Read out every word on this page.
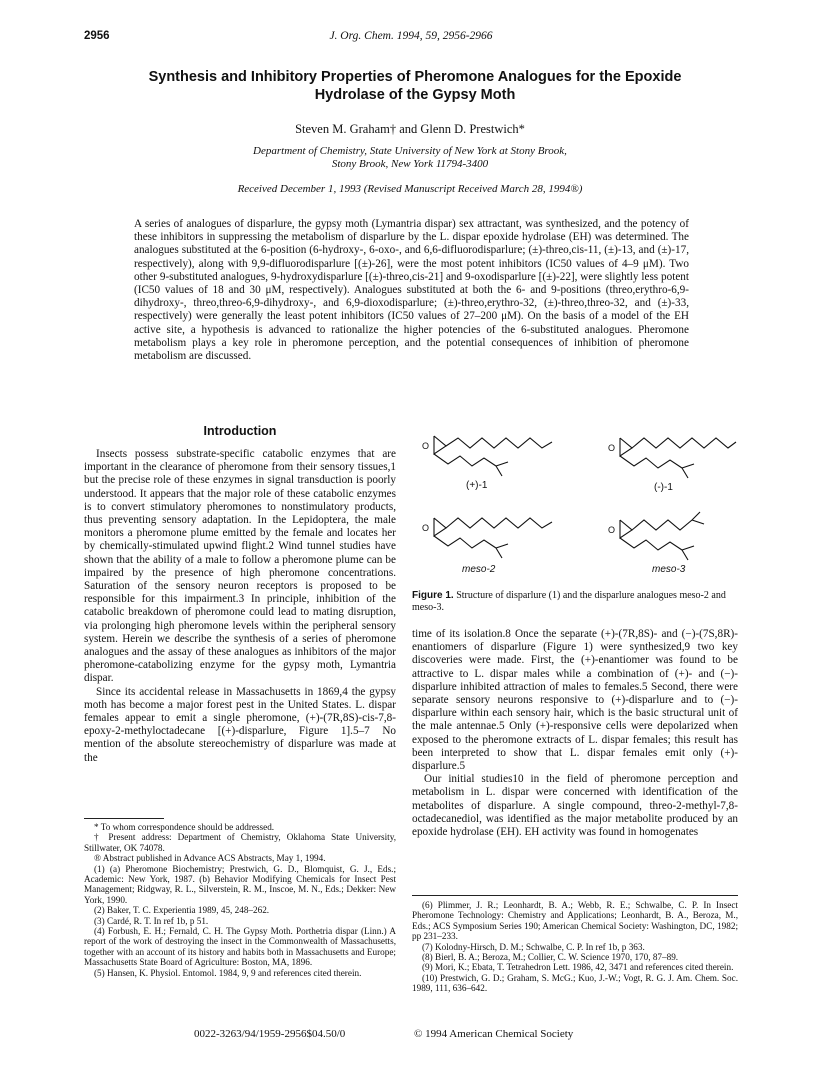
2956	J. Org. Chem. 1994, 59, 2956-2966
Synthesis and Inhibitory Properties of Pheromone Analogues for the Epoxide Hydrolase of the Gypsy Moth
Steven M. Graham† and Glenn D. Prestwich*
Department of Chemistry, State University of New York at Stony Brook,
Stony Brook, New York 11794-3400
Received December 1, 1993 (Revised Manuscript Received March 28, 1994®)
A series of analogues of disparlure, the gypsy moth (Lymantria dispar) sex attractant, was synthesized, and the potency of these inhibitors in suppressing the metabolism of disparlure by the L. dispar epoxide hydrolase (EH) was determined. The analogues substituted at the 6-position (6-hydroxy-, 6-oxo-, and 6,6-difluorodisparlure; (±)-threo,cis-11, (±)-13, and (±)-17, respectively), along with 9,9-difluorodisparlure [(±)-26], were the most potent inhibitors (IC50 values of 4–9 μM). Two other 9-substituted analogues, 9-hydroxydisparlure [(±)-threo,cis-21] and 9-oxodisparlure [(±)-22], were slightly less potent (IC50 values of 18 and 30 μM, respectively). Analogues substituted at both the 6- and 9-positions (threo,erythro-6,9-dihydroxy-, threo,threo-6,9-dihydroxy-, and 6,9-dioxodisparlure; (±)-threo,erythro-32, (±)-threo,threo-32, and (±)-33, respectively) were generally the least potent inhibitors (IC50 values of 27–200 μM). On the basis of a model of the EH active site, a hypothesis is advanced to rationalize the higher potencies of the 6-substituted analogues. Pheromone metabolism plays a key role in pheromone perception, and the potential consequences of inhibition of pheromone metabolism are discussed.
Introduction

Insects possess substrate-specific catabolic enzymes that are important in the clearance of pheromone from their sensory tissues,1 but the precise role of these enzymes in signal transduction is poorly understood. It appears that the major role of these catabolic enzymes is to convert stimulatory pheromones to nonstimulatory products, thus preventing sensory adaptation. In the Lepidoptera, the male monitors a pheromone plume emitted by the female and locates her by chemically-stimulated upwind flight.2 Wind tunnel studies have shown that the ability of a male to follow a pheromone plume can be impaired by the presence of high pheromone concentrations. Saturation of the sensory neuron receptors is proposed to be responsible for this impairment.3 In principle, inhibition of the catabolic breakdown of pheromone could lead to mating disruption, via prolonging high pheromone levels within the peripheral sensory system. Herein we describe the synthesis of a series of pheromone analogues and the assay of these analogues as inhibitors of the major pheromone-catabolizing enzyme for the gypsy moth, Lymantria dispar.

Since its accidental release in Massachusetts in 1869,4 the gypsy moth has become a major forest pest in the United States. L. dispar females appear to emit a single pheromone, (+)-(7R,8S)-cis-7,8-epoxy-2-methyloctadecane [(+)-disparlure, Figure 1].5–7 No mention of the absolute stereochemistry of disparlure was made at the

* To whom correspondence should be addressed.

† Present address: Department of Chemistry, Oklahoma State University, Stillwater, OK 74078.

® Abstract published in Advance ACS Abstracts, May 1, 1994.

(1) (a) Pheromone Biochemistry; Prestwich, G. D., Blomquist, G. J., Eds.; Academic: New York, 1987. (b) Behavior Modifying Chemicals for Insect Pest Management; Ridgway, R. L., Silverstein, R. M., Inscoe, M. N., Eds.; Dekker: New York, 1990.

(2) Baker, T. C. Experientia 1989, 45, 248–262.

(3) Cardé, R. T. In ref 1b, p 51.

(4) Forbush, E. H.; Fernald, C. H. The Gypsy Moth. Porthetria dispar (Linn.) A report of the work of destroying the insect in the Commonwealth of Massachusetts, together with an account of its history and habits both in Massachusetts and Europe; Massachusetts State Board of Agriculture: Boston, MA, 1896.

(5) Hansen, K. Physiol. Entomol. 1984, 9, 9 and references cited therein.

O	O
O	O
(+)-1	(-)-1
meso-2	meso-3
Figure 1. Structure of disparlure (1) and the disparlure analogues meso-2 and meso-3.

time of its isolation.8 Once the separate (+)-(7R,8S)- and (−)-(7S,8R)-enantiomers of disparlure (Figure 1) were synthesized,9 two key discoveries were made. First, the (+)-enantiomer was found to be attractive to L. dispar males while a combination of (+)- and (−)-disparlure inhibited attraction of males to females.5 Second, there were separate sensory neurons responsive to (+)-disparlure and to (−)-disparlure within each sensory hair, which is the basic structural unit of the male antennae.5 Only (+)-responsive cells were depolarized when exposed to the pheromone extracts of L. dispar females; this result has been interpreted to show that L. dispar females emit only (+)-disparlure.5

Our initial studies10 in the field of pheromone perception and metabolism in L. dispar were concerned with identification of the metabolites of disparlure. A single compound, threo-2-methyl-7,8-octadecanediol, was identified as the major metabolite produced by an epoxide hydrolase (EH). EH activity was found in homogenates

(6) Plimmer, J. R.; Leonhardt, B. A.; Webb, R. E.; Schwalbe, C. P. In Insect Pheromone Technology: Chemistry and Applications; Leonhardt, B. A., Beroza, M., Eds.; ACS Symposium Series 190; American Chemical Society: Washington, DC, 1982; pp 231–233.

(7) Kolodny-Hirsch, D. M.; Schwalbe, C. P. In ref 1b, p 363.

(8) Bierl, B. A.; Beroza, M.; Collier, C. W. Science 1970, 170, 87–89.

(9) Mori, K.; Ebata, T. Tetrahedron Lett. 1986, 42, 3471 and references cited therein.

(10) Prestwich, G. D.; Graham, S. McG.; Kuo, J.-W.; Vogt, R. G. J. Am. Chem. Soc. 1989, 111, 636–642.

0022-3263/94/1959-2956$04.50/0	© 1994 American Chemical Society
